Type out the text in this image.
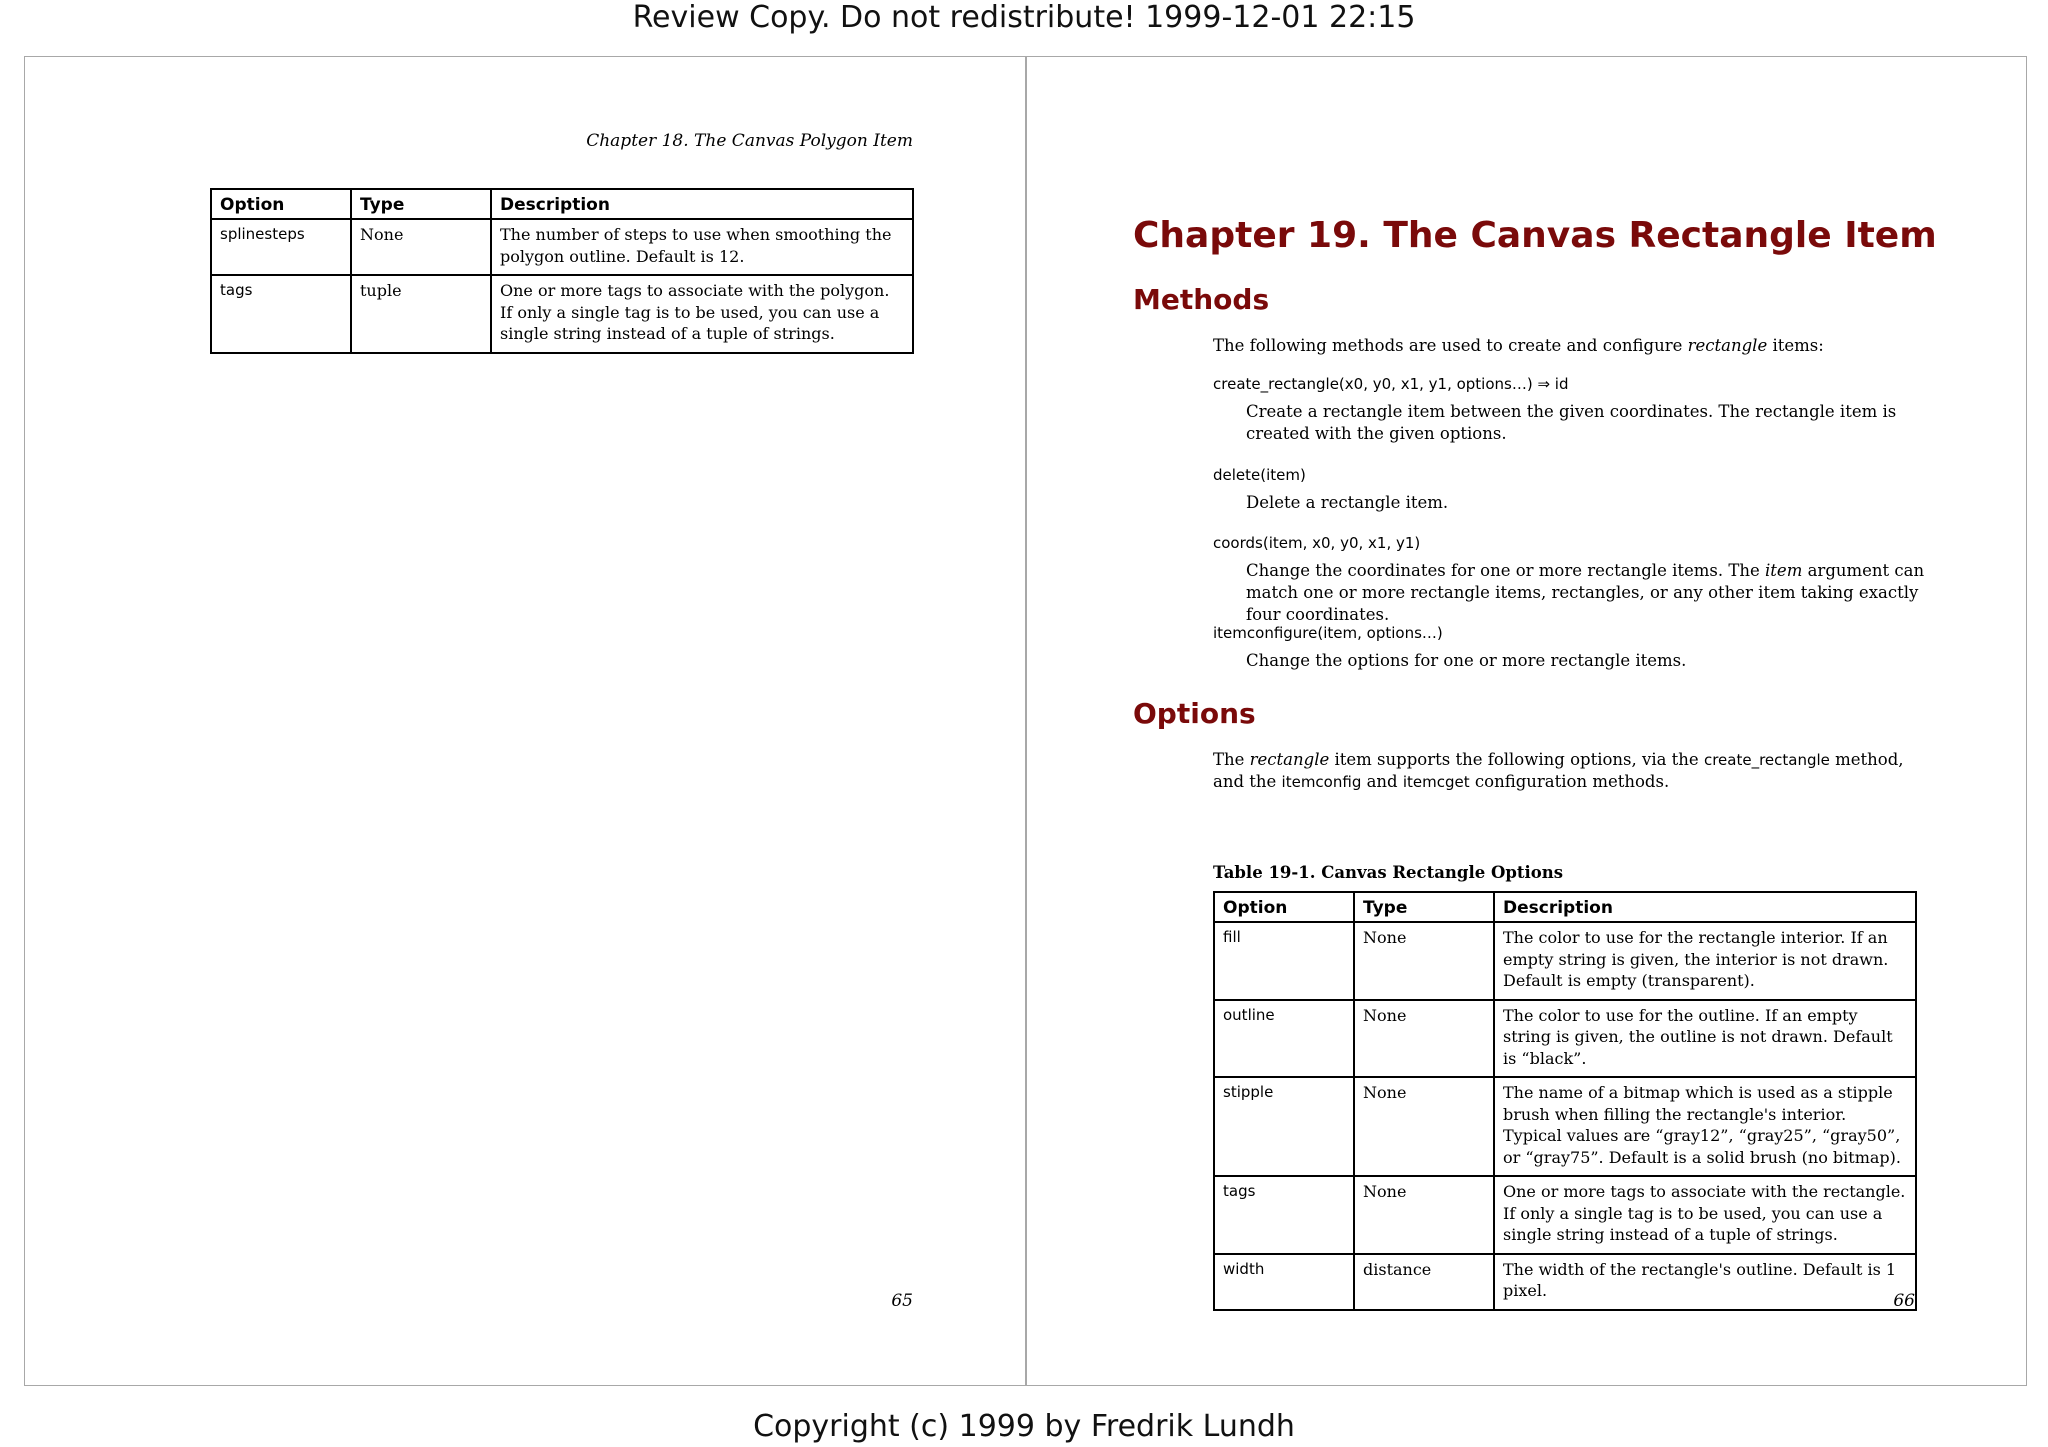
Review Copy. Do not redistribute! 1999-12-01 22:15
Chapter 18. The Canvas Polygon Item
Option	Type	Description
splinesteps	None	The number of steps to use when smoothing the polygon outline. Default is 12.
tags	tuple	One or more tags to associate with the polygon. If only a single tag is to be used, you can use a single string instead of a tuple of strings.
65
Chapter 19. The Canvas Rectangle Item
Methods
The following methods are used to create and configure rectangle items:
create_rectangle(x0, y0, x1, y1, options…) ⇒ id
Create a rectangle item between the given coordinates. The rectangle item is created with the given options.
delete(item)
Delete a rectangle item.
coords(item, x0, y0, x1, y1)
Change the coordinates for one or more rectangle items. The item argument can match one or more rectangle items, rectangles, or any other item taking exactly four coordinates.
itemconfigure(item, options…)
Change the options for one or more rectangle items.
Options
The rectangle item supports the following options, via the create_rectangle method, and the itemconfig and itemcget configuration methods.
Table 19-1. Canvas Rectangle Options
Option	Type	Description
fill	None	The color to use for the rectangle interior. If an empty string is given, the interior is not drawn. Default is empty (transparent).
outline	None	The color to use for the outline. If an empty string is given, the outline is not drawn. Default is “black”.
stipple	None	The name of a bitmap which is used as a stipple brush when filling the rectangle's interior. Typical values are “gray12”, “gray25”, “gray50”, or “gray75”. Default is a solid brush (no bitmap).
tags	None	One or more tags to associate with the rectangle. If only a single tag is to be used, you can use a single string instead of a tuple of strings.
width	distance	The width of the rectangle's outline. Default is 1 pixel.
66
Copyright (c) 1999 by Fredrik Lundh
